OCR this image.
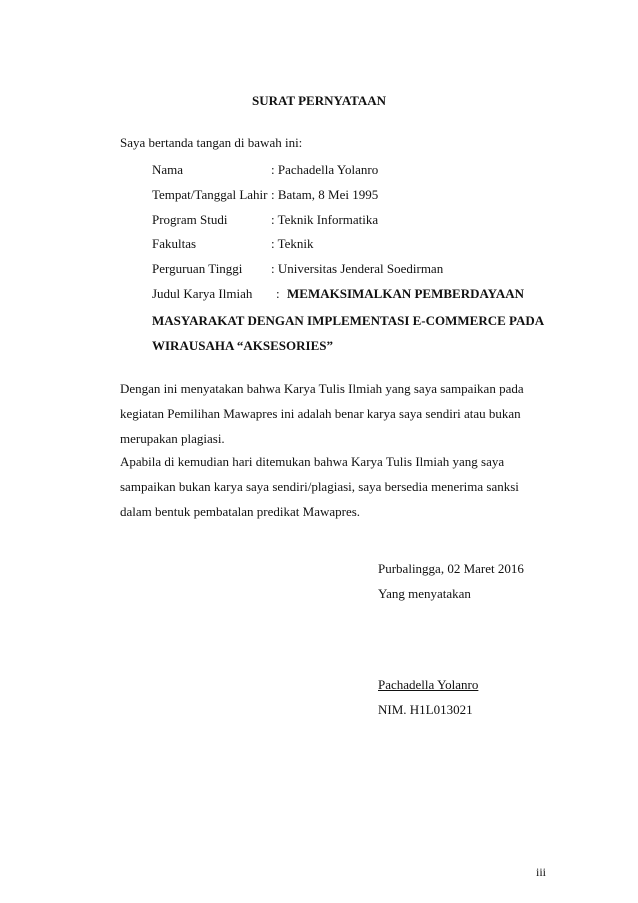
SURAT PERNYATAAN
Saya bertanda tangan di bawah ini:
Nama	: Pachadella Yolanro
Tempat/Tanggal Lahir : Batam, 8 Mei 1995
Program Studi	: Teknik Informatika
Fakultas	: Teknik
Perguruan Tinggi : Universitas Jenderal Soedirman
Judul Karya Ilmiah : MEMAKSIMALKAN PEMBERDAYAAN
MASYARAKAT DENGAN IMPLEMENTASI E-COMMERCE PADA
WIRAUSAHA “AKSESORIES”
Dengan ini menyatakan bahwa Karya Tulis Ilmiah yang saya sampaikan pada
kegiatan Pemilihan Mawapres ini adalah benar karya saya sendiri atau bukan
merupakan plagiasi.
Apabila di kemudian hari ditemukan bahwa Karya Tulis Ilmiah yang saya
sampaikan bukan karya saya sendiri/plagiasi, saya bersedia menerima sanksi
dalam bentuk pembatalan predikat Mawapres.
Purbalingga, 02 Maret 2016
Yang menyatakan
Pachadella Yolanro
NIM. H1L013021
iii
